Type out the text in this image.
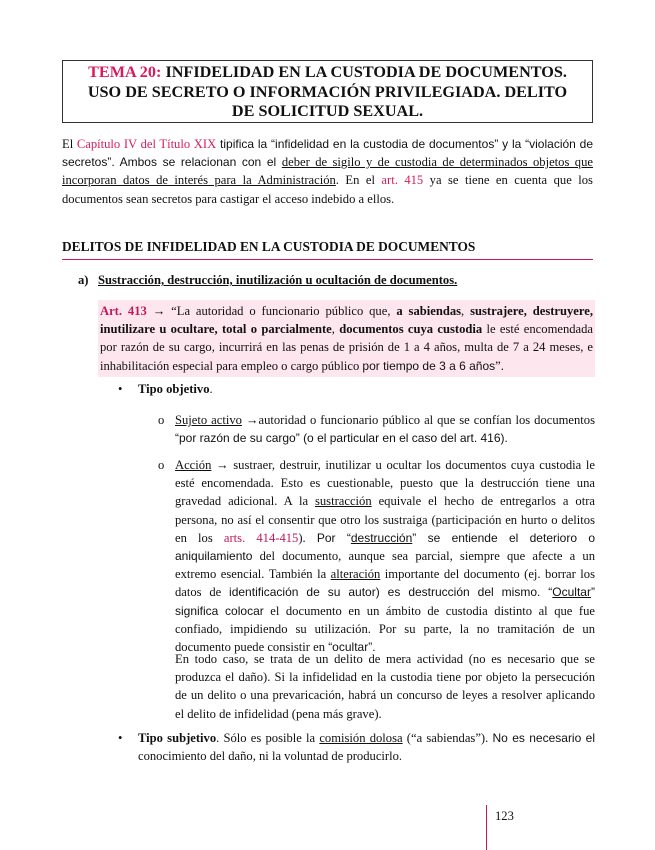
TEMA 20: INFIDELIDAD EN LA CUSTODIA DE DOCUMENTOS.
USO DE SECRETO O INFORMACIÓN PRIVILEGIADA. DELITO
DE SOLICITUD SEXUAL.

El Capítulo IV del Título XIX tipifica la “infidelidad en la custodia de documentos” y la “violación de secretos”. Ambos se relacionan con el deber de sigilo y de custodia de determinados objetos que incorporan datos de interés para la Administración. En el art. 415 ya se tiene en cuenta que los documentos sean secretos para castigar el acceso indebido a ellos.

DELITOS DE INFIDELIDAD EN LA CUSTODIA DE DOCUMENTOS
a) Sustracción, destrucción, inutilización u ocultación de documentos.
Art. 413 → “La autoridad o funcionario público que, a sabiendas, sustrajere, destruyere, inutilizare u ocultare, total o parcialmente, documentos cuya custodia le esté encomendada por razón de su cargo, incurrirá en las penas de prisión de 1 a 4 años, multa de 7 a 24 meses, e inhabilitación especial para empleo o cargo público por tiempo de 3 a 6 años”.
• Tipo objetivo.
o Sujeto activo →autoridad o funcionario público al que se confían los documentos “por razón de su cargo” (o el particular en el caso del art. 416).
o Acción → sustraer, destruir, inutilizar u ocultar los documentos cuya custodia le esté encomendada. Esto es cuestionable, puesto que la destrucción tiene una gravedad adicional. A la sustracción equivale el hecho de entregarlos a otra persona, no así el consentir que otro los sustraiga (participación en hurto o delitos en los arts. 414-415). Por “destrucción” se entiende el deterioro o aniquilamiento del documento, aunque sea parcial, siempre que afecte a un extremo esencial. También la alteración importante del documento (ej. borrar los datos de identificación de su autor) es destrucción del mismo. “Ocultar” significa colocar el documento en un ámbito de custodia distinto al que fue confiado, impidiendo su utilización. Por su parte, la no tramitación de un documento puede consistir en “ocultar”.

En todo caso, se trata de un delito de mera actividad (no es necesario que se produzca el daño). Si la infidelidad en la custodia tiene por objeto la persecución de un delito o una prevaricación, habrá un concurso de leyes a resolver aplicando el delito de infidelidad (pena más grave).

• Tipo subjetivo. Sólo es posible la comisión dolosa (“a sabiendas”). No es necesario el conocimiento del daño, ni la voluntad de producirlo.
123
